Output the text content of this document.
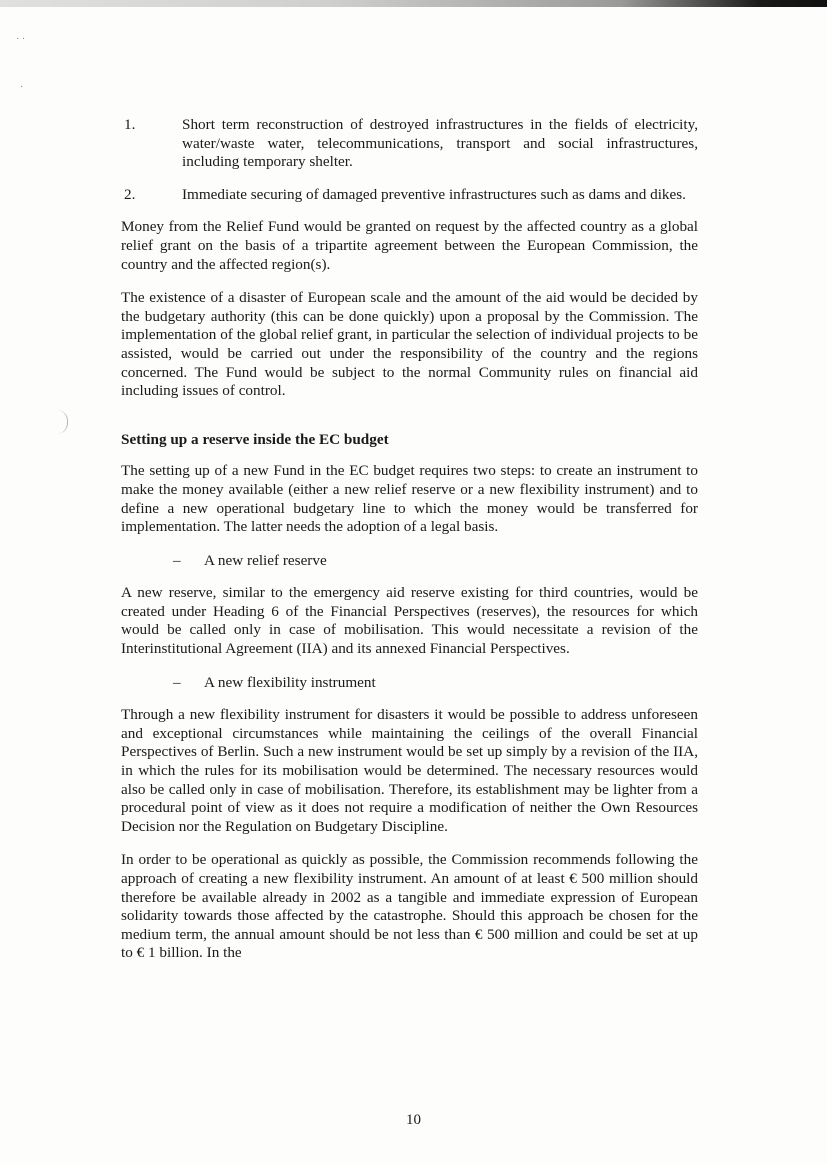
· ·
·
1.	Short term reconstruction of destroyed infrastructures in the fields of electricity, water/waste water, telecommunications, transport and social infrastructures, including temporary shelter.
2.	Immediate securing of damaged preventive infrastructures such as dams and dikes.

Money from the Relief Fund would be granted on request by the affected country as a global relief grant on the basis of a tripartite agreement between the European Commission, the country and the affected region(s).

The existence of a disaster of European scale and the amount of the aid would be decided by the budgetary authority (this can be done quickly) upon a proposal by the Commission. The implementation of the global relief grant, in particular the selection of individual projects to be assisted, would be carried out under the responsibility of the country and the regions concerned. The Fund would be subject to the normal Community rules on financial aid including issues of control.

Setting up a reserve inside the EC budget

The setting up of a new Fund in the EC budget requires two steps: to create an instrument to make the money available (either a new relief reserve or a new flexibility instrument) and to define a new operational budgetary line to which the money would be transferred for implementation. The latter needs the adoption of a legal basis.

–	A new relief reserve

A new reserve, similar to the emergency aid reserve existing for third countries, would be created under Heading 6 of the Financial Perspectives (reserves), the resources for which would be called only in case of mobilisation. This would necessitate a revision of the Interinstitutional Agreement (IIA) and its annexed Financial Perspectives.

–	A new flexibility instrument

Through a new flexibility instrument for disasters it would be possible to address unforeseen and exceptional circumstances while maintaining the ceilings of the overall Financial Perspectives of Berlin. Such a new instrument would be set up simply by a revision of the IIA, in which the rules for its mobilisation would be determined. The necessary resources would also be called only in case of mobilisation. Therefore, its establishment may be lighter from a procedural point of view as it does not require a modification of neither the Own Resources Decision nor the Regulation on Budgetary Discipline.

In order to be operational as quickly as possible, the Commission recommends following the approach of creating a new flexibility instrument. An amount of at least € 500 million should therefore be available already in 2002 as a tangible and immediate expression of European solidarity towards those affected by the catastrophe. Should this approach be chosen for the medium term, the annual amount should be not less than € 500 million and could be set at up to € 1 billion. In the

10
